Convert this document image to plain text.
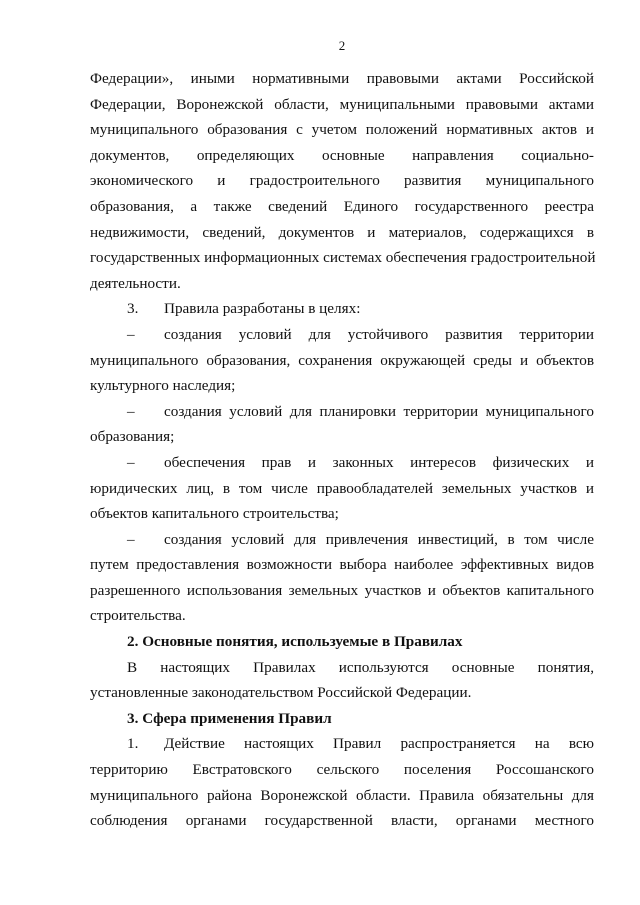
2

Федерации», иными нормативными правовыми актами Российской

Федерации, Воронежской области, муниципальными правовыми актами

муниципального образования с учетом положений нормативных актов и

документов, определяющих основные направления социально-

экономического и градостроительного развития муниципального

образования, а также сведений Единого государственного реестра

недвижимости, сведений, документов и материалов, содержащихся в

государственных информационных системах обеспечения градостроительной

деятельности.

3.	Правила разработаны в целях:
–	создания условий для устойчивого развития территории

муниципального образования, сохранения окружающей среды и объектов

культурного наследия;

–	создания условий для планировки территории муниципального

образования;

–	обеспечения прав и законных интересов физических и

юридических лиц, в том числе правообладателей земельных участков и

объектов капитального строительства;

–	создания условий для привлечения инвестиций, в том числе

путем предоставления возможности выбора наиболее эффективных видов

разрешенного использования земельных участков и объектов капитального

строительства.

2. Основные понятия, используемые в Правилах

В настоящих Правилах используются основные понятия,

установленные законодательством Российской Федерации.

3. Сфера применения Правил

1.	Действие настоящих Правил распространяется на всю

территорию Евстратовского сельского поселения Россошанского

муниципального района Воронежской области. Правила обязательны для

соблюдения органами государственной власти, органами местного
